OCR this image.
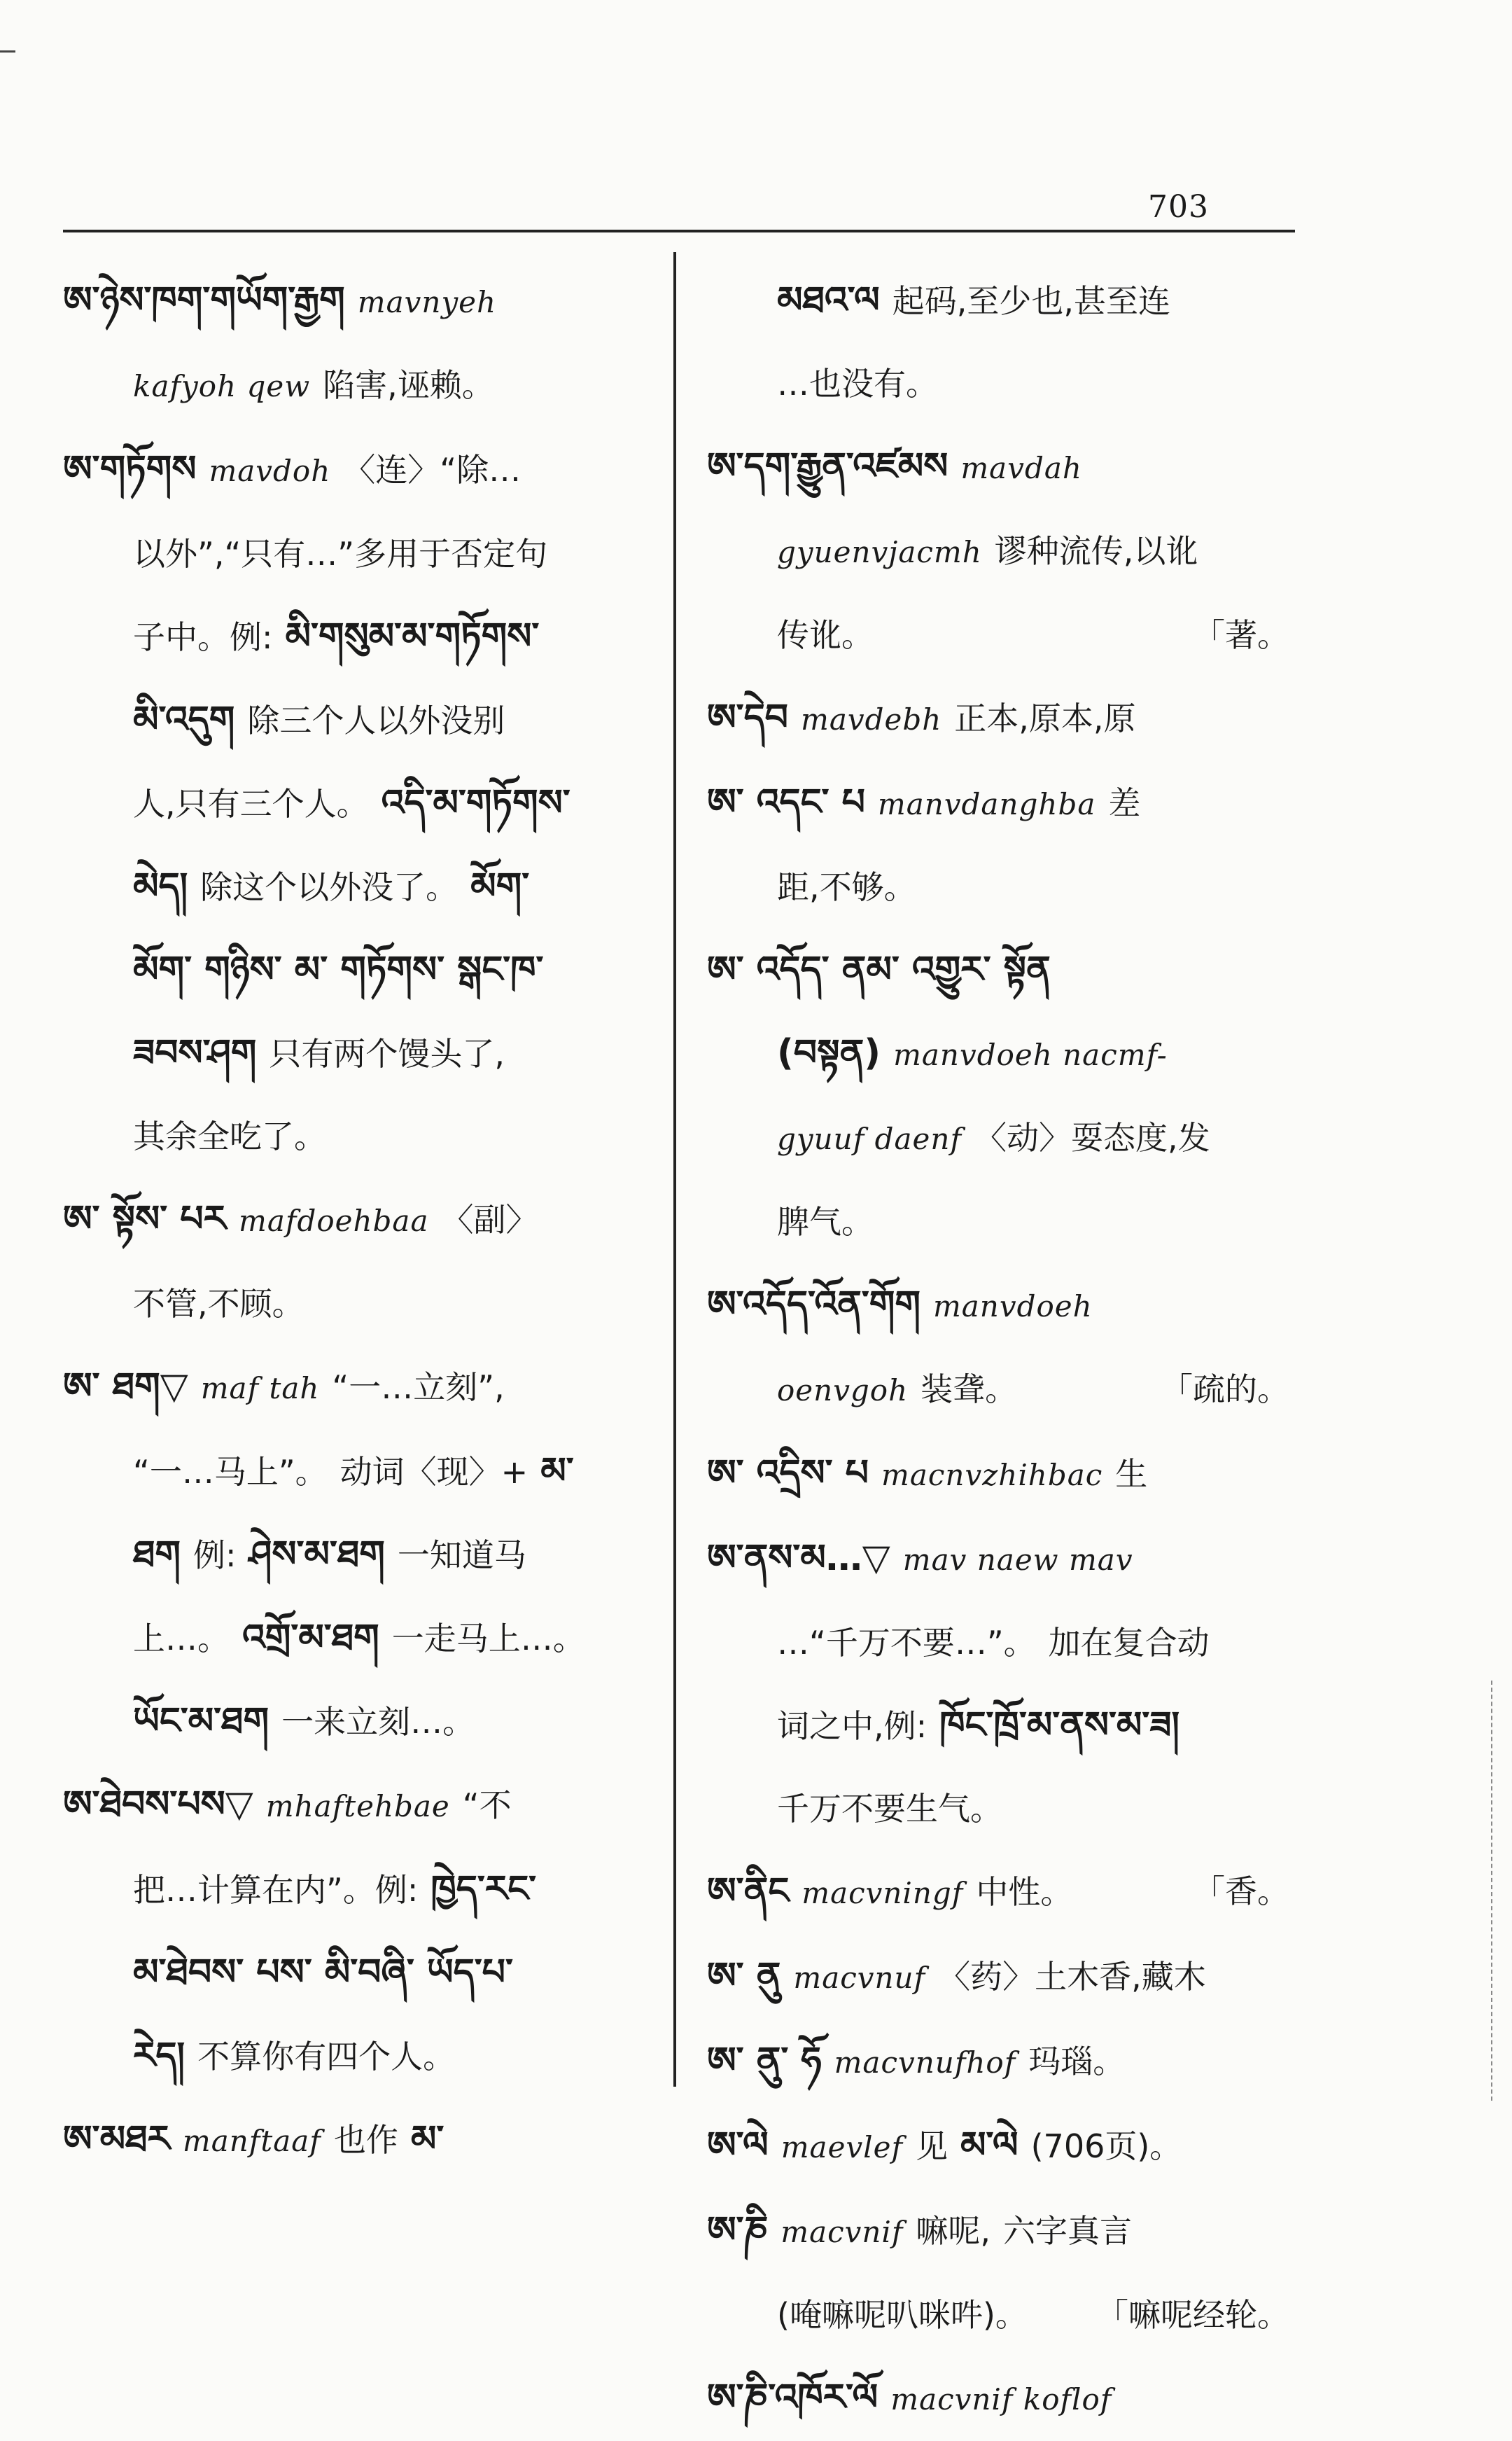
703

ཨ་ཉེས་ཁག་གཡོག་རྒྱག mavnyeh

kafyoh qew 陷害,诬赖。

ཨ་གཏོགས mavdoh 〈连〉“除…

以外”,“只有…”多用于否定句

子中。例: མི་གསུམ་མ་གཏོགས་

མི་འདུག 除三个人以外没别

人,只有三个人。 འདི་མ་གཏོགས་

མེད། 除这个以外没了。 མོག་

མོག་ གཉིས་ མ་ གཏོགས་ སྒང་ཁ་

ཟབས་ཤག 只有两个馒头了,

其余全吃了。

ཨ་ སྟོས་ པར mafdoehbaa 〈副〉

不管,不顾。

ཨ་ ཐག▽ maf tah “一…立刻”,

“一…马上”。 动词〈现〉+ མ་

ཐག 例: ཤེས་མ་ཐག 一知道马

上…。 འགྲོ་མ་ཐག 一走马上…。

ཡོང་མ་ཐག 一来立刻…。

ཨ་ཐེབས་པས▽ mhaftehbae “不

把…计算在内”。例: ཁྱེད་རང་

མ་ཐེབས་ པས་ མི་བཞི་ ཡོད་པ་

རེད། 不算你有四个人。

ཨ་མཐར manftaaf 也作 མ་

མཐའ་ལ 起码,至少也,甚至连

…也没有。

ཨ་དག་རྒྱུན་འཛམས mavdah

gyuenvjacmh 谬种流传,以讹

传讹。	「著。

ཨ་དེབ mavdebh 正本,原本,原

ཨ་ འདང་ པ manvdanghba 差

距,不够。

ཨ་ འདོད་ ནམ་ འགྱུར་ སྟོན

(བསྟན) manvdoeh nacmf-

gyuuf daenf 〈动〉耍态度,发

脾气。

ཨ་འདོད་འོན་གོག manvdoeh

oenvgoh 装聋。	「疏的。

ཨ་ འདྲིས་ པ macnvzhihbac 生

ཨ་ནས་མ…▽ mav naew mav

…“千万不要…”。 加在复合动

词之中,例: ཁོང་ཁྲོ་མ་ནས་མ་ཟ།

千万不要生气。

ཨ་ནིང macvningf 中性。	「香。

ཨ་ ནུ macvnuf 〈药〉土木香,藏木

ཨ་ ནུ་ ཧོ macvnufhof 玛瑙。

ཨ་ལེ maevlef 见 མ་ལེ (706页)。

ཨ་ཎི macvnif 嘛呢, 六字真言

(唵嘛呢叭咪吽)。 「嘛呢经轮。

ཨ་ཎི་འཁོར་ལོ macvnif koflof
